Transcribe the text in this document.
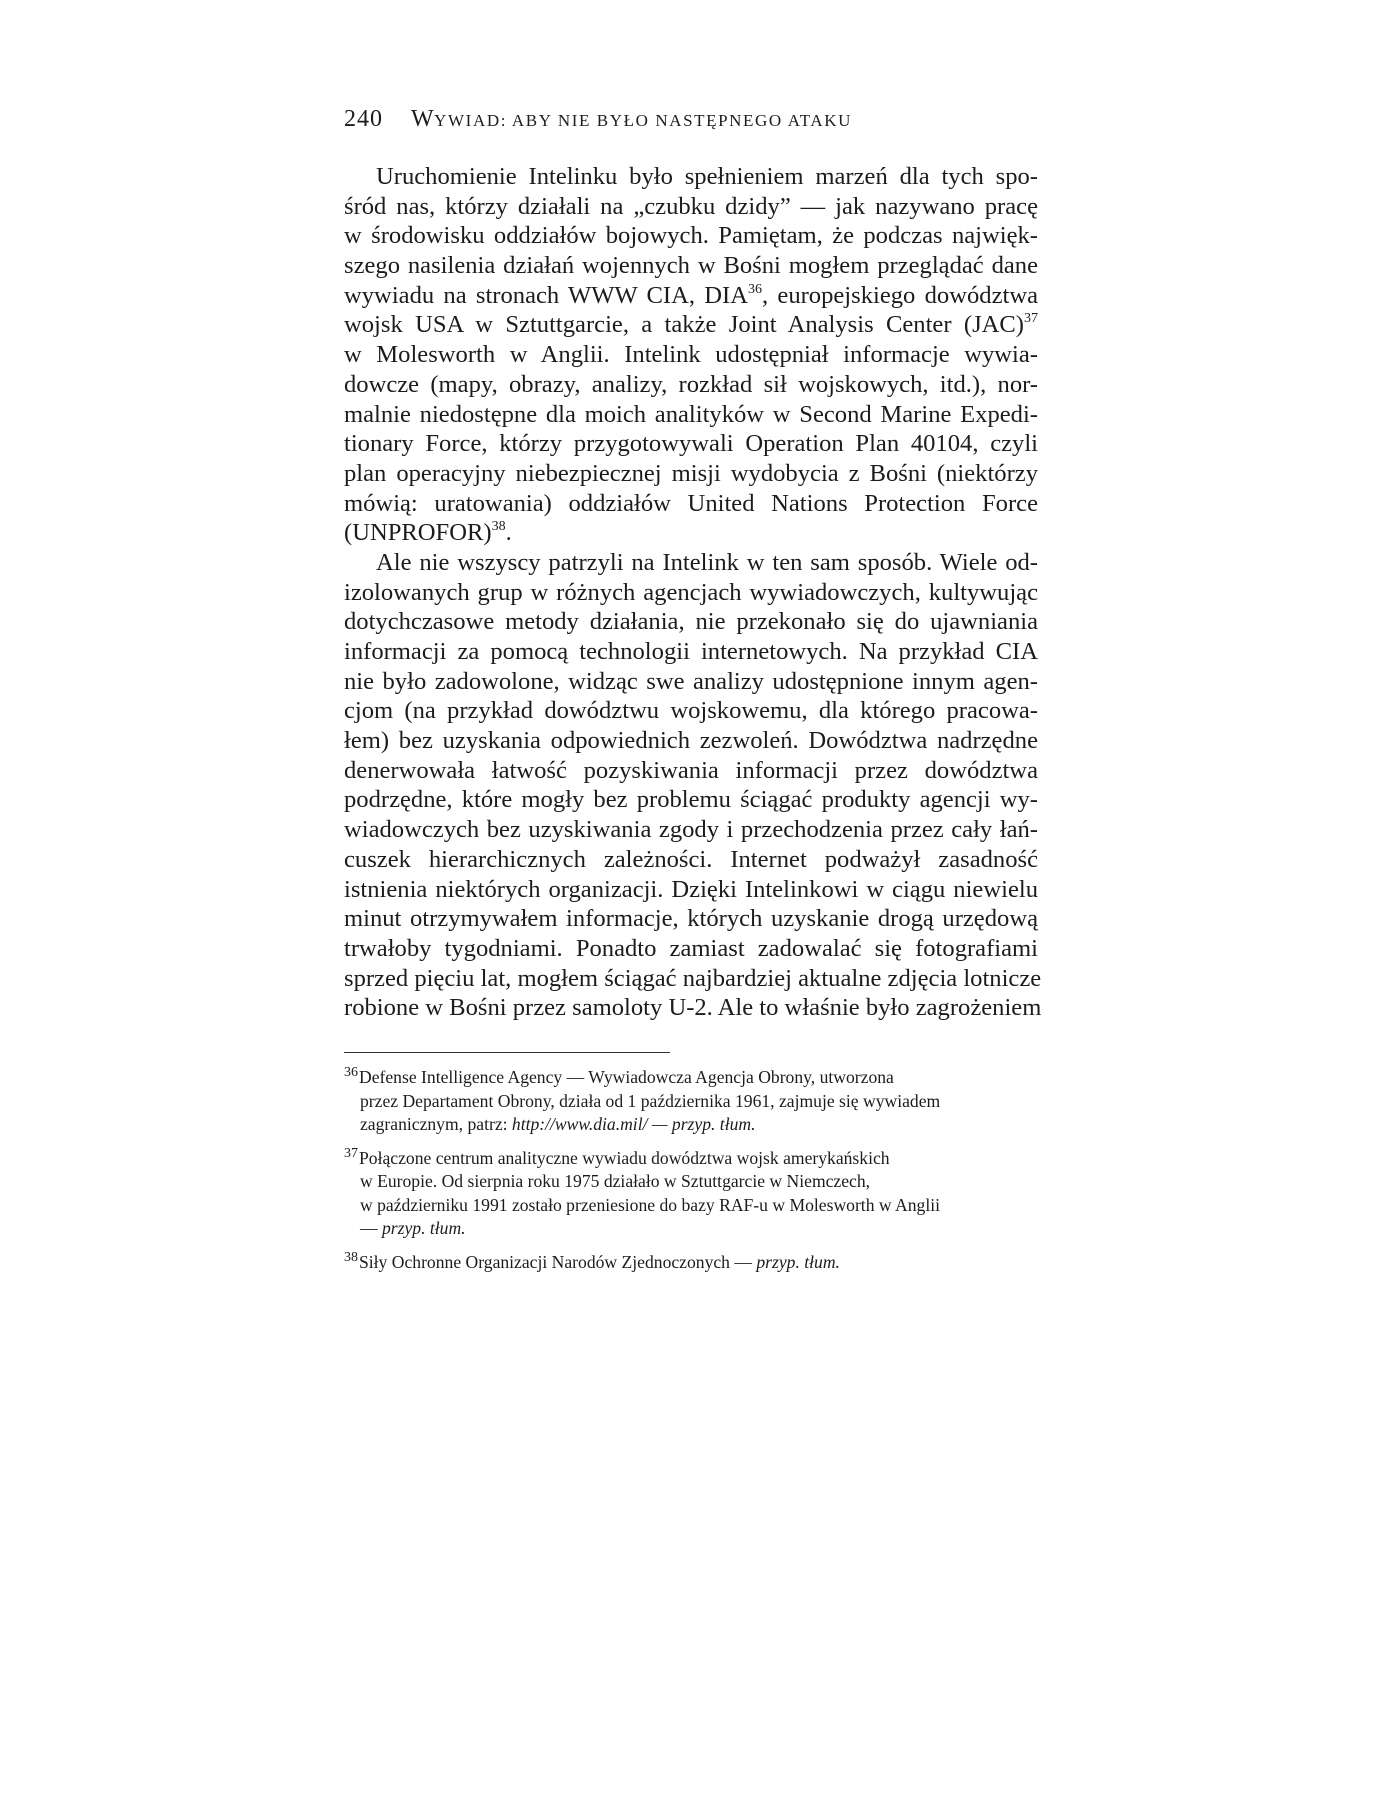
240 WYWIAD: ABY NIE BYŁO NASTĘPNEGO ATAKU
Uruchomienie Intelinku było spełnieniem marzeń dla tych spo-
śród nas, którzy działali na „czubku dzidy” — jak nazywano pracę
w środowisku oddziałów bojowych. Pamiętam, że podczas najwięk-
szego nasilenia działań wojennych w Bośni mogłem przeglądać dane
wywiadu na stronach WWW CIA, DIA$^{36}$, europejskiego dowództwa
wojsk USA w Sztuttgarcie, a także Joint Analysis Center (JAC)$^{37}$
w Molesworth w Anglii. Intelink udostępniał informacje wywia-
dowcze (mapy, obrazy, analizy, rozkład sił wojskowych, itd.), nor-
malnie niedostępne dla moich analityków w Second Marine Expedi-
tionary Force, którzy przygotowywali Operation Plan 40104, czyli
plan operacyjny niebezpiecznej misji wydobycia z Bośni (niektórzy
mówią: uratowania) oddziałów United Nations Protection Force
(UNPROFOR)$^{38}$.
Ale nie wszyscy patrzyli na Intelink w ten sam sposób. Wiele od-
izolowanych grup w różnych agencjach wywiadowczych, kultywując
dotychczasowe metody działania, nie przekonało się do ujawniania
informacji za pomocą technologii internetowych. Na przykład CIA
nie było zadowolone, widząc swe analizy udostępnione innym agen-
cjom (na przykład dowództwu wojskowemu, dla którego pracowa-
łem) bez uzyskania odpowiednich zezwoleń. Dowództwa nadrzędne
denerwowała łatwość pozyskiwania informacji przez dowództwa
podrzędne, które mogły bez problemu ściągać produkty agencji wy-
wiadowczych bez uzyskiwania zgody i przechodzenia przez cały łań-
cuszek hierarchicznych zależności. Internet podważył zasadność
istnienia niektórych organizacji. Dzięki Intelinkowi w ciągu niewielu
minut otrzymywałem informacje, których uzyskanie drogą urzędową
trwałoby tygodniami. Ponadto zamiast zadowalać się fotografiami
sprzed pięciu lat, mogłem ściągać najbardziej aktualne zdjęcia lotnicze
robione w Bośni przez samoloty U-2. Ale to właśnie było zagrożeniem
$^{36}$Defense Intelligence Agency — Wywiadowcza Agencja Obrony, utworzona
przez Departament Obrony, działa od 1 października 1961, zajmuje się wywiadem
zagranicznym, patrz: http://www.dia.mil/ — przyp. tłum.
$^{37}$Połączone centrum analityczne wywiadu dowództwa wojsk amerykańskich
w Europie. Od sierpnia roku 1975 działało w Sztuttgarcie w Niemczech,
w październiku 1991 zostało przeniesione do bazy RAF-u w Molesworth w Anglii
— przyp. tłum.
$^{38}$Siły Ochronne Organizacji Narodów Zjednoczonych — przyp. tłum.
